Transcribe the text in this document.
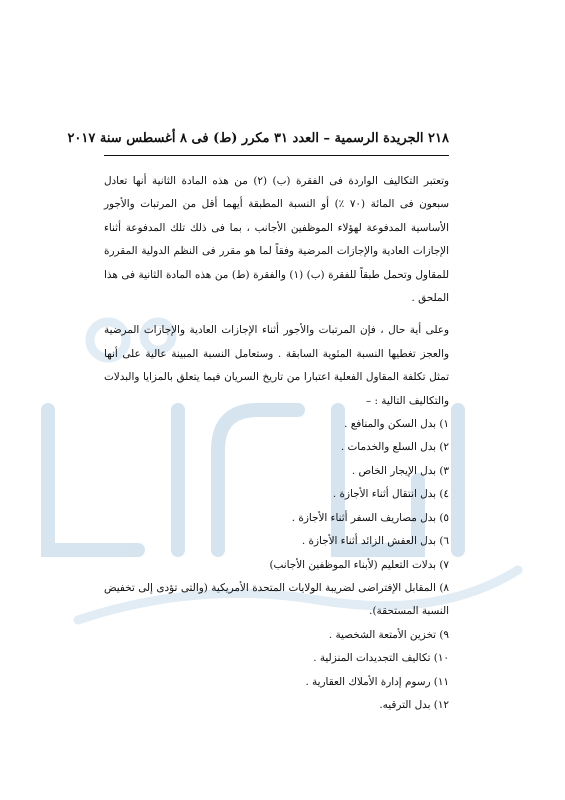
٢١٨ الجريدة الرسمية – العدد ٣١ مكرر (ط) فى ٨ أغسطس سنة ٢٠١٧

وتعتبر التكاليف الواردة فى الفقرة (ب) (٢) من هذه المادة الثانية أنها تعادل سبعون فى المائة (٧٠ ٪) أو النسبة المطبقة أيهما أقل من المرتبات والأجور الأساسية المدفوعة لهؤلاء الموظفين الأجانب ، بما فى ذلك تلك المدفوعة أثناء الإجازات العادية والإجازات المرضية وفقاً لما هو مقرر فى النظم الدولية المقررة للمقاول وتحمل طبقاً للفقرة (ب) (١) والفقرة (ط) من هذه المادة الثانية فى هذا الملحق .

وعلى أية حال ، فإن المرتبات والأجور أثناء الإجازات العادية والإجازات المرضية والعجز تغطيها النسبة المئوية السابقة . وستعامل النسبة المبينة عالية على أنها تمثل تكلفة المقاول الفعلية اعتبارا من تاريخ السريان فيما يتعلق بالمزايا والبدلات والتكاليف التالية : –

١) بدل السكن والمنافع .
٢) بدل السلع والخدمات .
٣) بدل الإيجار الخاص .
٤) بدل انتقال أثناء الأجازة .
٥) بدل مصاريف السفر أثناء الأجازة .
٦) بدل العفش الزائد أثناء الأجازة .
٧) بدلات التعليم (لأبناء الموظفين الأجانب)
٨) المقابل الإفتراضى لضريبة الولايات المتحدة الأمريكية (والتى تؤدى إلى تخفيض النسبة المستحقة).
٩) تخزين الأمتعة الشخصية .
١٠) تكاليف التجديدات المنزلية .
١١) رسوم إدارة الأملاك العقارية .
١٢) بدل الترقيه.
